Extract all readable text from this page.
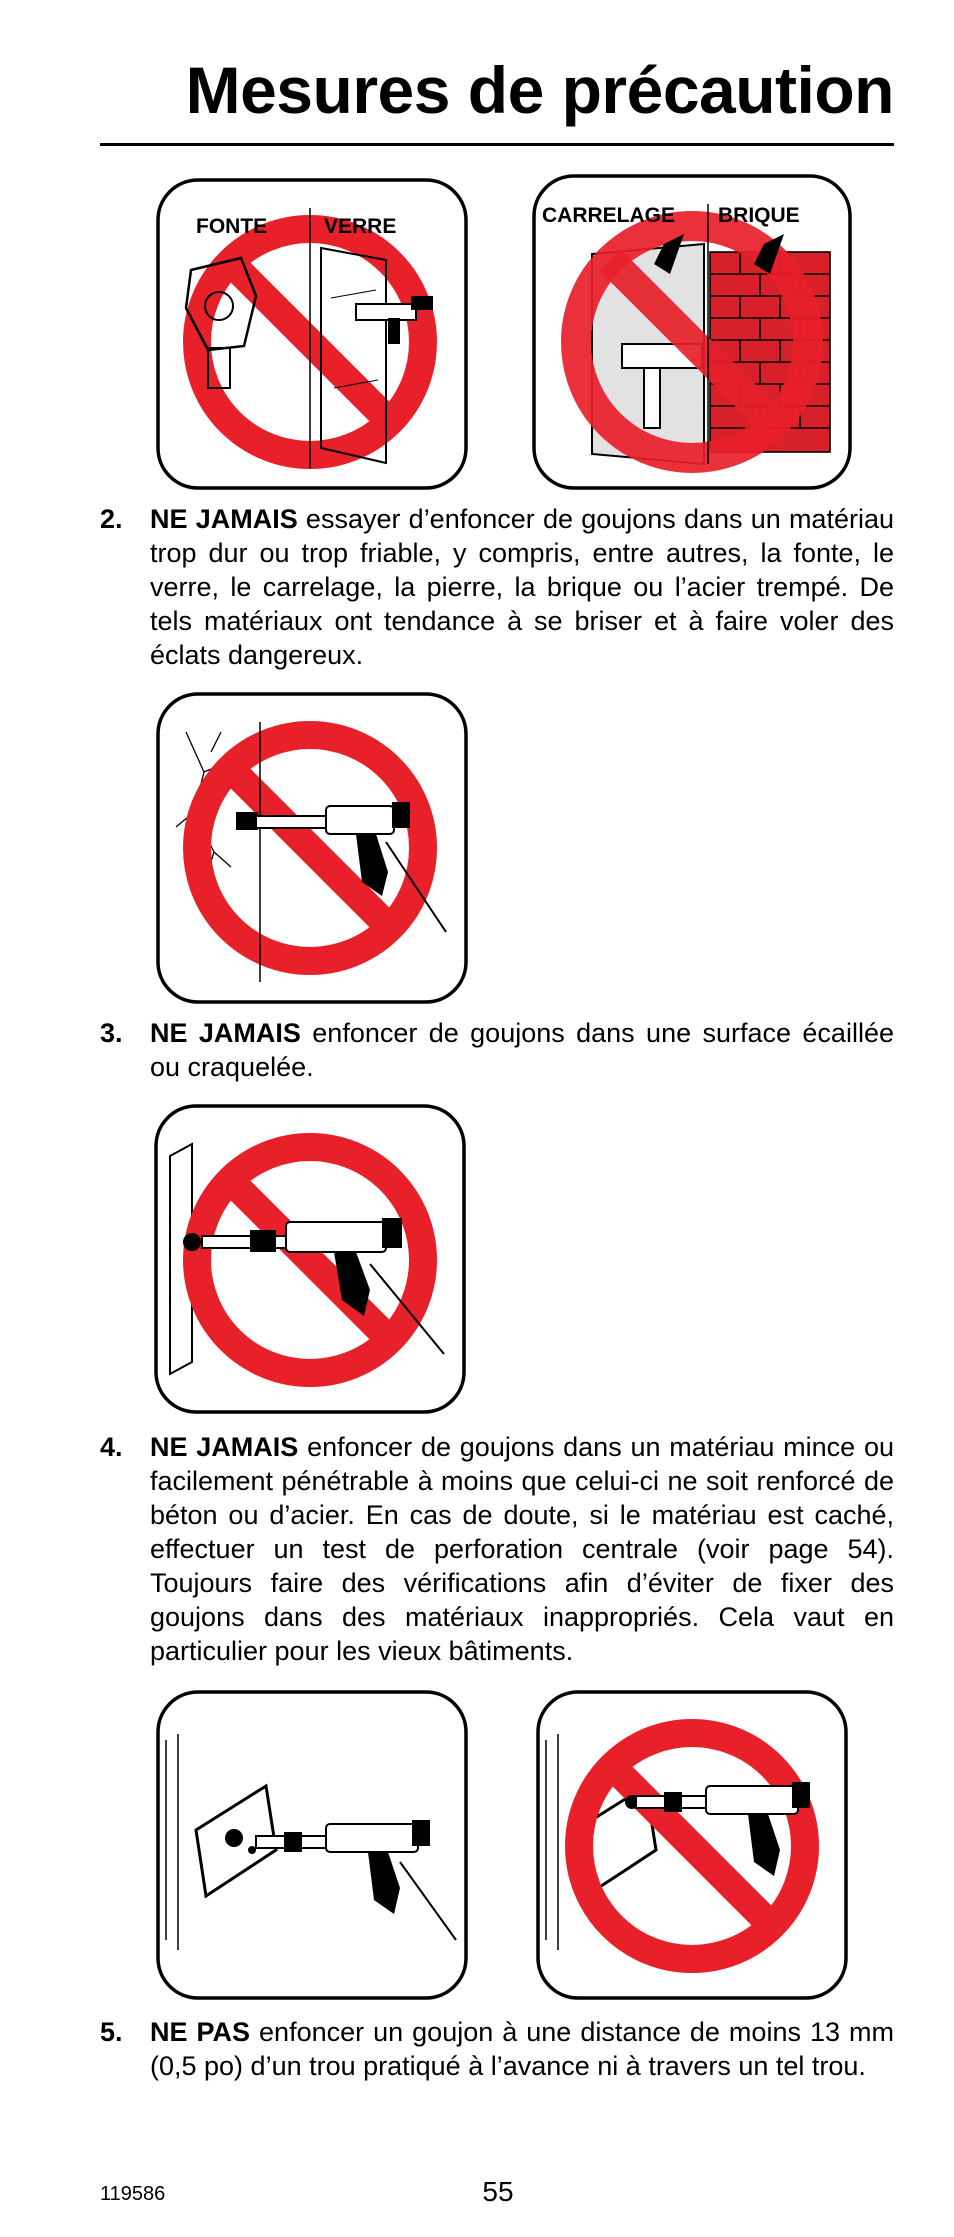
Mesures de précaution
FONTE	VERRE	CARRELAGE BRIQUE

2. NE JAMAIS essayer d’enfoncer de goujons dans un matériau trop dur ou trop friable, y compris, entre autres, la fonte, le verre, le carrelage, la pierre, la brique ou l’acier trempé. De tels matériaux ont tendance à se briser et à faire voler des éclats dangereux.

3. NE JAMAIS enfoncer de goujons dans une surface écaillée ou craquelée.

4. NE JAMAIS enfoncer de goujons dans un matériau mince ou facilement pénétrable à moins que celui-ci ne soit renforcé de béton ou d’acier. En cas de doute, si le matériau est caché, effectuer un test de perforation centrale (voir page 54). Toujours faire des vérifications afin d’éviter de fixer des goujons dans des matériaux inappropriés. Cela vaut en particulier pour les vieux bâtiments.

5. NE PAS enfoncer un goujon à une distance de moins 13 mm (0,5 po) d’un trou pratiqué à l’avance ni à travers un tel trou.

119586	55
